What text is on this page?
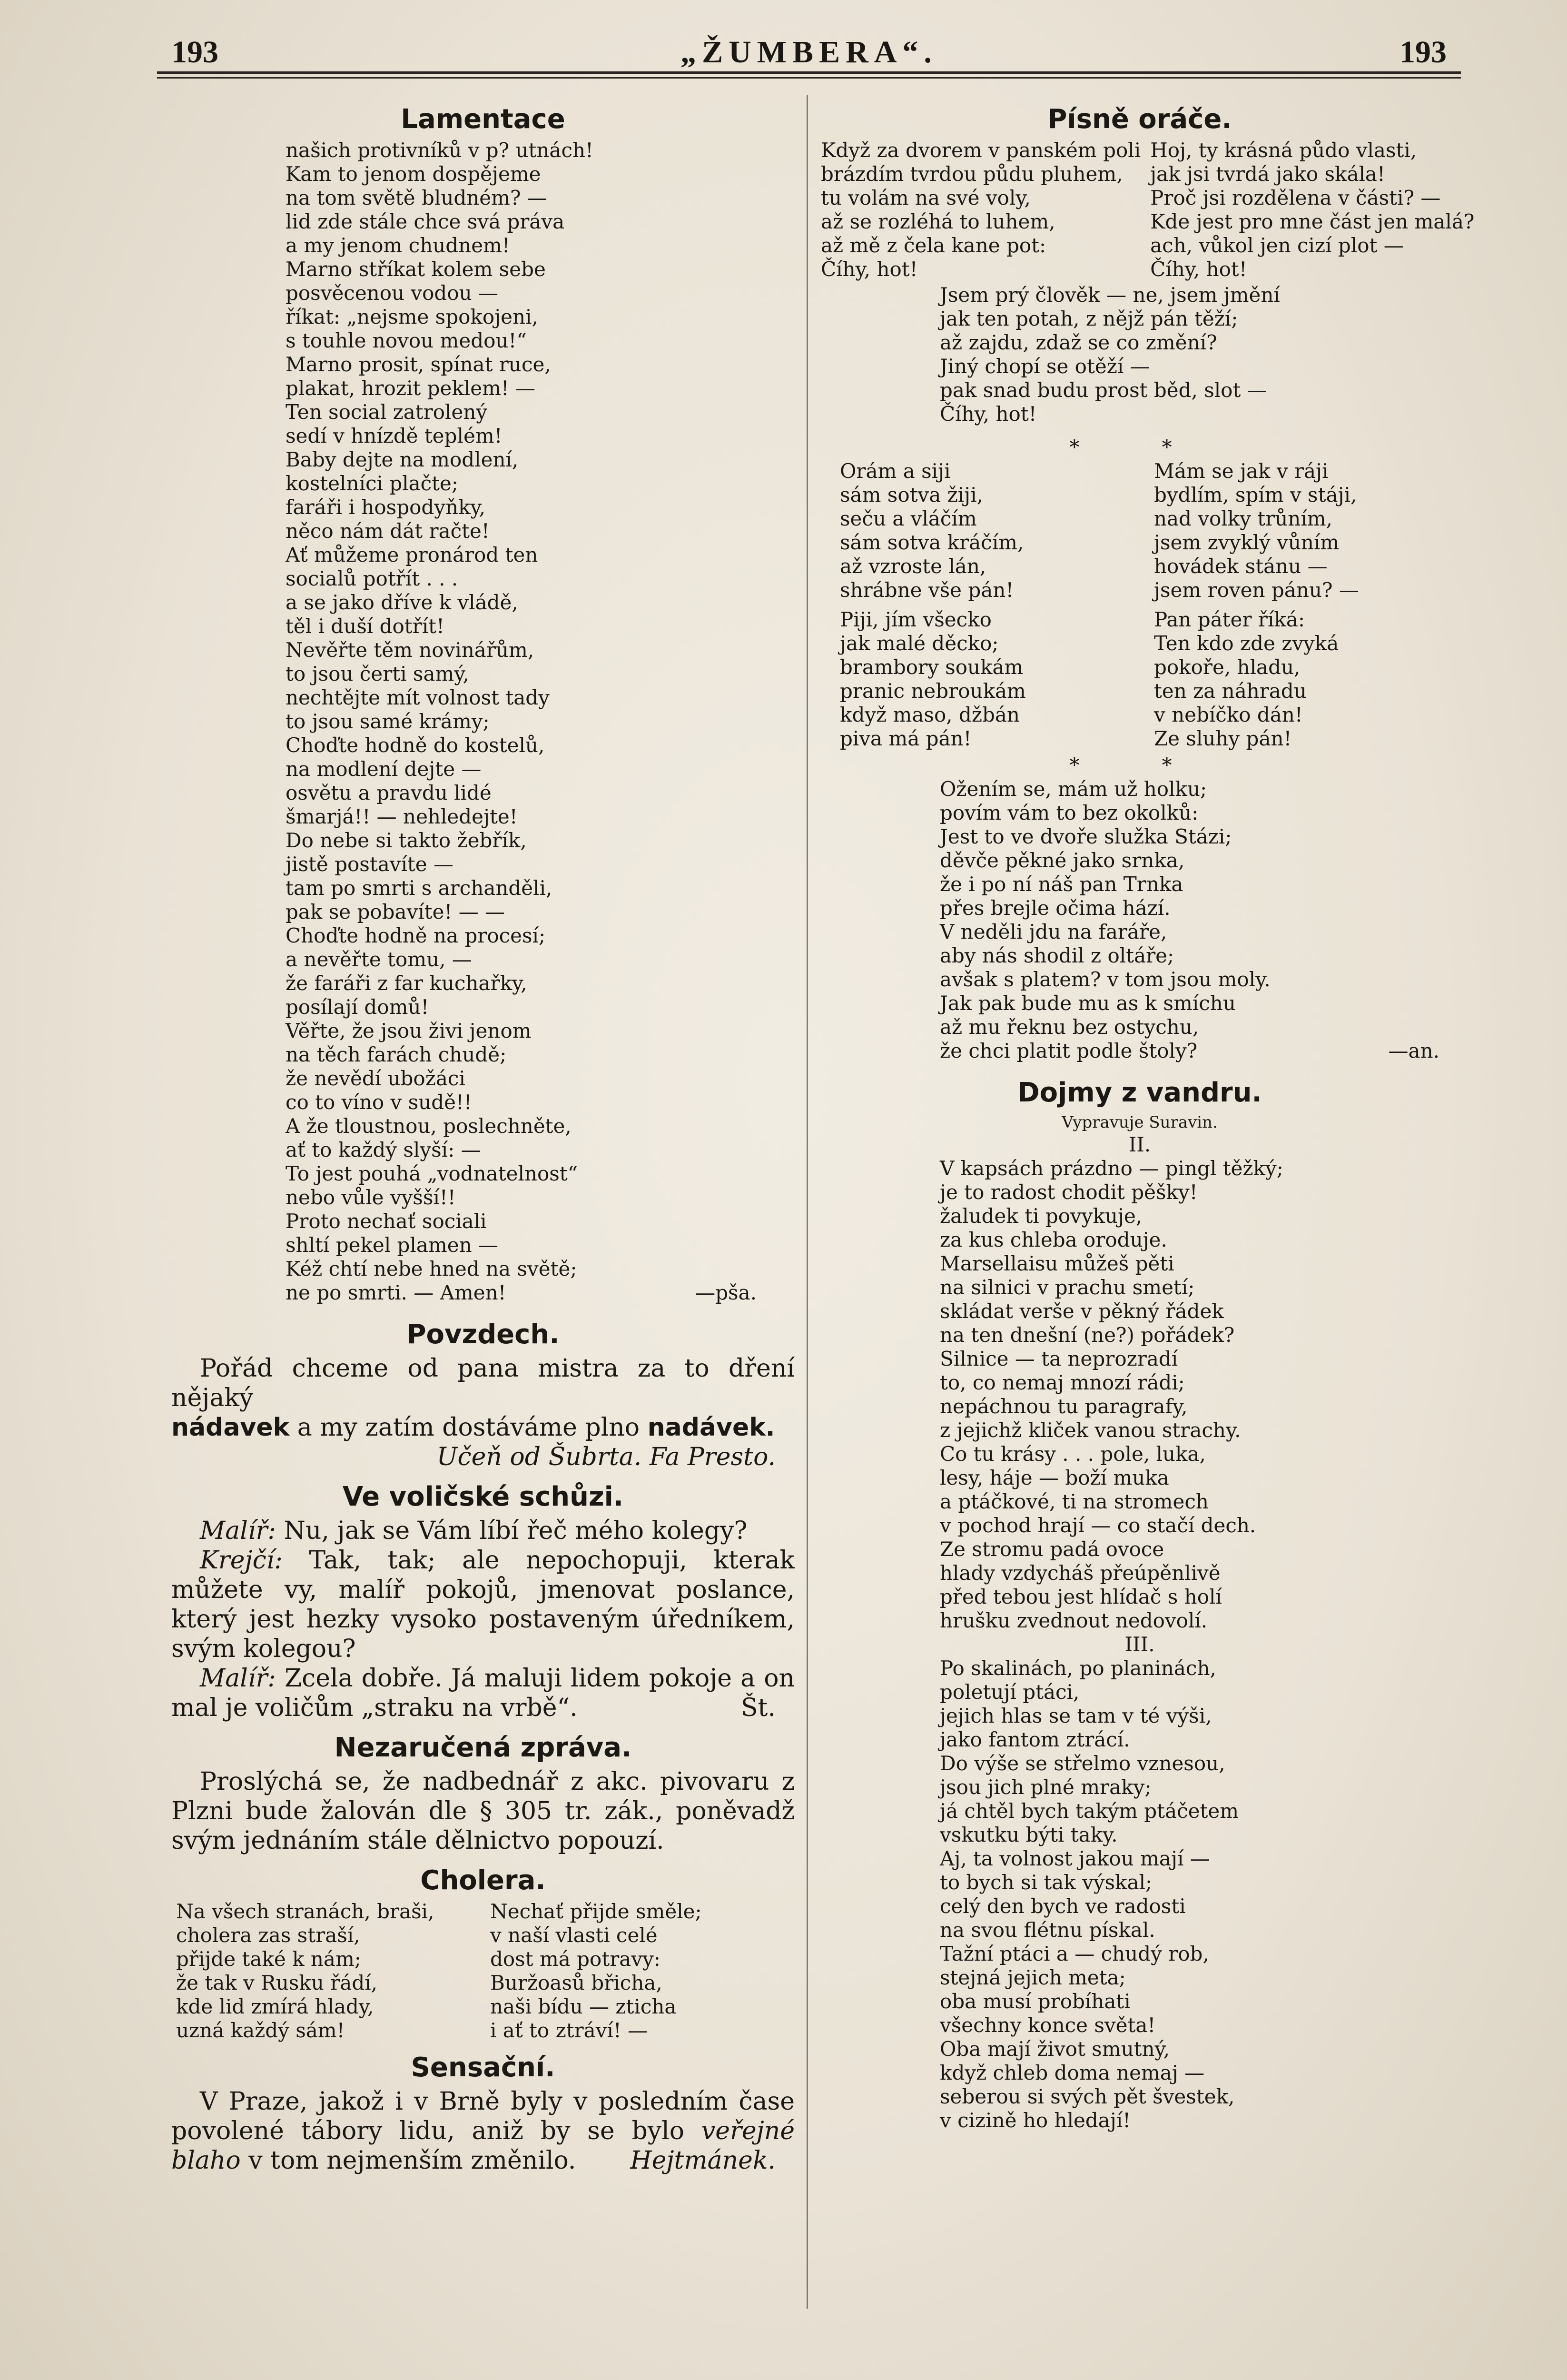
193	„ŽUMBERA“.	193
Lamentace
našich protivníků v p? utnách!
Kam to jenom dospějeme
na tom světě bludném? —
lid zde stále chce svá práva
a my jenom chudnem!
Marno stříkat kolem sebe
posvěcenou vodou —
říkat: „nejsme spokojeni,
s touhle novou medou!“
Marno prosit, spínat ruce,
plakat, hrozit peklem! —
Ten social zatrolený
sedí v hnízdě teplém!
Baby dejte na modlení,
kostelníci plačte;
faráři i hospodyňky,
něco nám dát račte!
Ať můžeme pronárod ten
socialů potřít . . .
a se jako dříve k vládě,
těl i duší dotřít!
Nevěřte těm novinářům,
to jsou čerti samý,
nechtějte mít volnost tady
to jsou samé krámy;
Choďte hodně do kostelů,
na modlení dejte —
osvětu a pravdu lidé
šmarjá!! — nehledejte!
Do nebe si takto žebřík,
jistě postavíte —
tam po smrti s archanděli,
pak se pobavíte! — —
Choďte hodně na procesí;
a nevěřte tomu, —
že faráři z far kuchařky,
posílají domů!
Věřte, že jsou živi jenom
na těch farách chudě;
že nevědí ubožáci
co to víno v sudě!!
A že tloustnou, poslechněte,
ať to každý slyší: —
To jest pouhá „vodnatelnost“
nebo vůle vyšší!!
Proto nechať sociali
shltí pekel plamen —
Kéž chtí nebe hned na světě;
ne po smrti. — Amen!	—pša.
Povzdech.
Pořád chceme od pana mistra za to dření nějaký
nádavek a my zatím dostáváme plno nadávek.
Učeň od Šubrta. Fa Presto.
Ve voličské schůzi.
Malíř: Nu, jak se Vám líbí řeč mého kolegy?
Krejčí: Tak, tak; ale nepochopuji, kterak můžete vy, malíř pokojů, jmenovat poslance, který jest hezky vysoko postaveným úředníkem, svým kolegou?
Malíř: Zcela dobře. Já maluji lidem pokoje a on mal je voličům „straku na vrbě“.	Št.
Nezaručená zpráva.
Proslýchá se, že nadbednář z akc. pivovaru z Plzni bude žalován dle § 305 tr. zák., poněvadž svým jednáním stále dělnictvo popouzí.
Cholera.
Na všech stranách, braši,
cholera zas straší,
přijde také k nám;
že tak v Rusku řádí,
kde lid zmírá hlady,
uzná každý sám!
Nechať přijde směle;
v naší vlasti celé
dost má potravy:
Buržoasů břicha,
naši bídu — zticha
i ať to ztráví! —
Sensační.
V Praze, jakož i v Brně byly v posledním čase povolené tábory lidu, aniž by se bylo veřejné blaho v tom nejmenším změnilo.	Hejtmánek.
Písně oráče.
Když za dvorem v panském poli
brázdím tvrdou půdu pluhem,
tu volám na své voly,
až se rozléhá to luhem,
až mě z čela kane pot:
Číhy, hot!
Hoj, ty krásná půdo vlasti,
jak jsi tvrdá jako skála!
Proč jsi rozdělena v části? —
Kde jest pro mne část jen malá?
ach, vůkol jen cizí plot —
Číhy, hot!
Jsem prý člověk — ne, jsem jmění
jak ten potah, z nějž pán těží;
až zajdu, zdaž se co změní?
Jiný chopí se otěží —
pak snad budu prost běd, slot —
Číhy, hot!
* *
Orám a siji
sám sotva žiji,
seču a vláčím
sám sotva kráčím,
až vzroste lán,
shrábne vše pán!
Mám se jak v ráji
bydlím, spím v stáji,
nad volky trůním,
jsem zvyklý vůním
hovádek stánu —
jsem roven pánu? —
Piji, jím všecko
jak malé děcko;
brambory soukám
pranic nebroukám
když maso, džbán
piva má pán!
Pan páter říká:
Ten kdo zde zvyká
pokoře, hladu,
ten za náhradu
v nebíčko dán!
Ze sluhy pán!
* *
Ožením se, mám už holku;
povím vám to bez okolků:
Jest to ve dvoře služka Stázi;
děvče pěkné jako srnka,
že i po ní náš pan Trnka
přes brejle očima hází.
V neděli jdu na faráře,
aby nás shodil z oltáře;
avšak s platem? v tom jsou moly.
Jak pak bude mu as k smíchu
až mu řeknu bez ostychu,
že chci platit podle štoly?	—an.
Dojmy z vandru.
Vypravuje Suravin.
II.
V kapsách prázdno — pingl těžký;
je to radost chodit pěšky!
žaludek ti povykuje,
za kus chleba oroduje.
Marsellaisu můžeš pěti
na silnici v prachu smetí;
skládat verše v pěkný řádek
na ten dnešní (ne?) pořádek?
Silnice — ta neprozradí
to, co nemaj mnozí rádi;
nepáchnou tu paragrafy,
z jejichž kliček vanou strachy.
Co tu krásy . . . pole, luka,
lesy, háje — boží muka
a ptáčkové, ti na stromech
v pochod hrají — co stačí dech.
Ze stromu padá ovoce
hlady vzdycháš přeúpěnlivě
před tebou jest hlídač s holí
hrušku zvednout nedovolí.
III.
Po skalinách, po planinách,
poletují ptáci,
jejich hlas se tam v té výši,
jako fantom ztrácí.
Do výše se střelmo vznesou,
jsou jich plné mraky;
já chtěl bych takým ptáčetem
vskutku býti taky.
Aj, ta volnost jakou mají —
to bych si tak výskal;
celý den bych ve radosti
na svou flétnu pískal.
Tažní ptáci a — chudý rob,
stejná jejich meta;
oba musí probíhati
všechny konce světa!
Oba mají život smutný,
když chleb doma nemaj —
seberou si svých pět švestek,
v cizině ho hledají!
